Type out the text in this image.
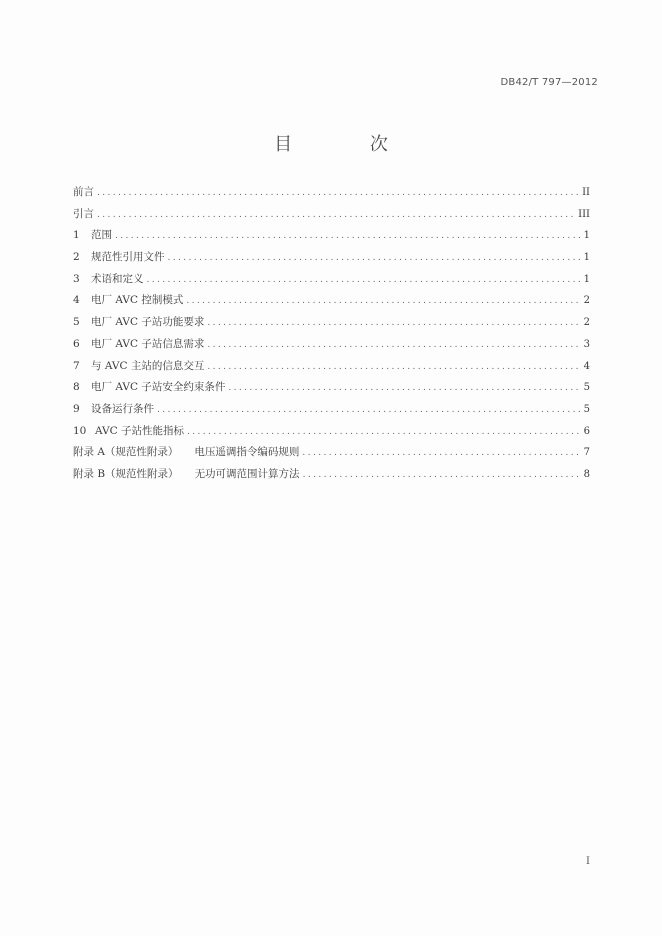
DB42/T 797—2012
目 次
前言 .....	II
引言 .....	III
1	范围 .....	1
2	规范性引用文件 .....	1
3	术语和定义 .....	1
4	电厂 AVC 控制模式 .....	2
5	电厂 AVC 子站功能要求 .....	2
6	电厂 AVC 子站信息需求 .....	3
7	与 AVC 主站的信息交互 .....	4
8	电厂 AVC 子站安全约束条件 .....	5
9	设备运行条件 .....	5
10 AVC 子站性能指标 .....	6
附录 A（规范性附录） 电压遥调指令编码规则 .....	7
附录 B（规范性附录） 无功可调范围计算方法 .....	8
I
